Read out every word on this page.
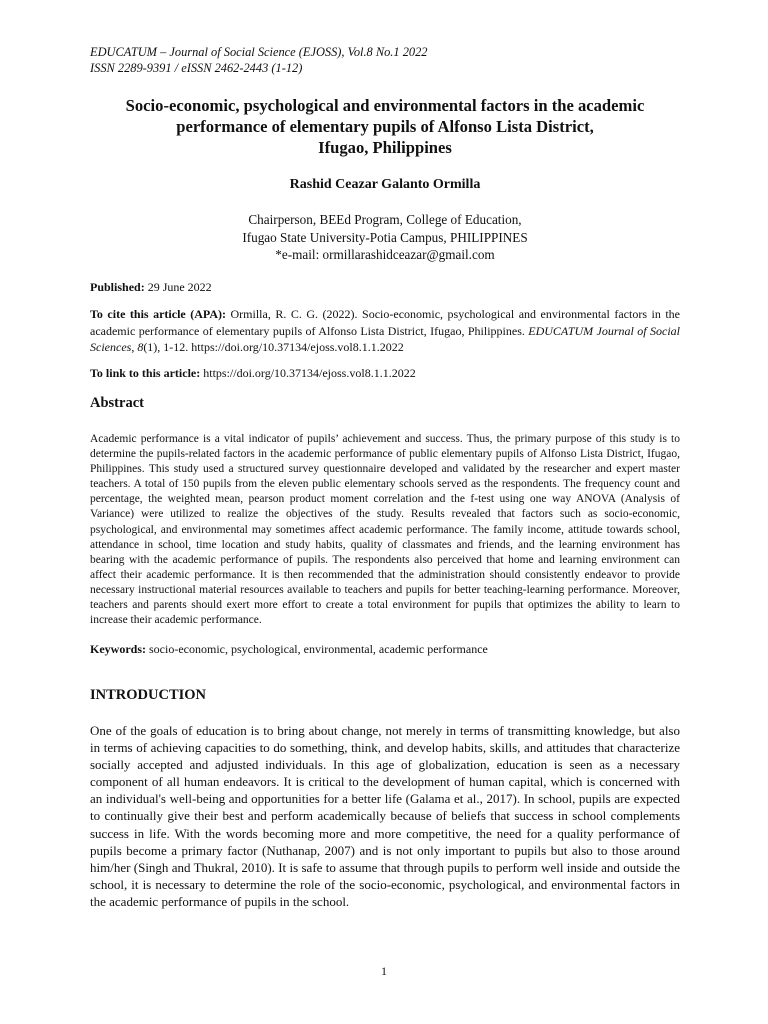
EDUCATUM – Journal of Social Science (EJOSS), Vol.8 No.1 2022
ISSN 2289-9391 / eISSN 2462-2443 (1-12)
Socio-economic, psychological and environmental factors in the academic
performance of elementary pupils of Alfonso Lista District,
Ifugao, Philippines
Rashid Ceazar Galanto Ormilla
Chairperson, BEEd Program, College of Education,
Ifugao State University-Potia Campus, PHILIPPINES
*e-mail: ormillarashidceazar@gmail.com
Published: 29 June 2022
To cite this article (APA): Ormilla, R. C. G. (2022). Socio-economic, psychological and environmental factors in the academic performance of elementary pupils of Alfonso Lista District, Ifugao, Philippines. EDUCATUM Journal of Social Sciences, 8(1), 1-12. https://doi.org/10.37134/ejoss.vol8.1.1.2022
To link to this article: https://doi.org/10.37134/ejoss.vol8.1.1.2022
Abstract
Academic performance is a vital indicator of pupils’ achievement and success. Thus, the primary purpose of this study is to determine the pupils-related factors in the academic performance of public elementary pupils of Alfonso Lista District, Ifugao, Philippines. This study used a structured survey questionnaire developed and validated by the researcher and expert master teachers. A total of 150 pupils from the eleven public elementary schools served as the respondents. The frequency count and percentage, the weighted mean, pearson product moment correlation and the f-test using one way ANOVA (Analysis of Variance) were utilized to realize the objectives of the study. Results revealed that factors such as socio-economic, psychological, and environmental may sometimes affect academic performance. The family income, attitude towards school, attendance in school, time location and study habits, quality of classmates and friends, and the learning environment has bearing with the academic performance of pupils. The respondents also perceived that home and learning environment can affect their academic performance. It is then recommended that the administration should consistently endeavor to provide necessary instructional material resources available to teachers and pupils for better teaching-learning performance. Moreover, teachers and parents should exert more effort to create a total environment for pupils that optimizes the ability to learn to increase their academic performance.
Keywords: socio-economic, psychological, environmental, academic performance
INTRODUCTION
One of the goals of education is to bring about change, not merely in terms of transmitting knowledge, but also in terms of achieving capacities to do something, think, and develop habits, skills, and attitudes that characterize socially accepted and adjusted individuals. In this age of globalization, education is seen as a necessary component of all human endeavors. It is critical to the development of human capital, which is concerned with an individual's well-being and opportunities for a better life (Galama et al., 2017). In school, pupils are expected to continually give their best and perform academically because of beliefs that success in school complements success in life. With the words becoming more and more competitive, the need for a quality performance of pupils become a primary factor (Nuthanap, 2007) and is not only important to pupils but also to those around him/her (Singh and Thukral, 2010). It is safe to assume that through pupils to perform well inside and outside the school, it is necessary to determine the role of the socio-economic, psychological, and environmental factors in the academic performance of pupils in the school.
1
